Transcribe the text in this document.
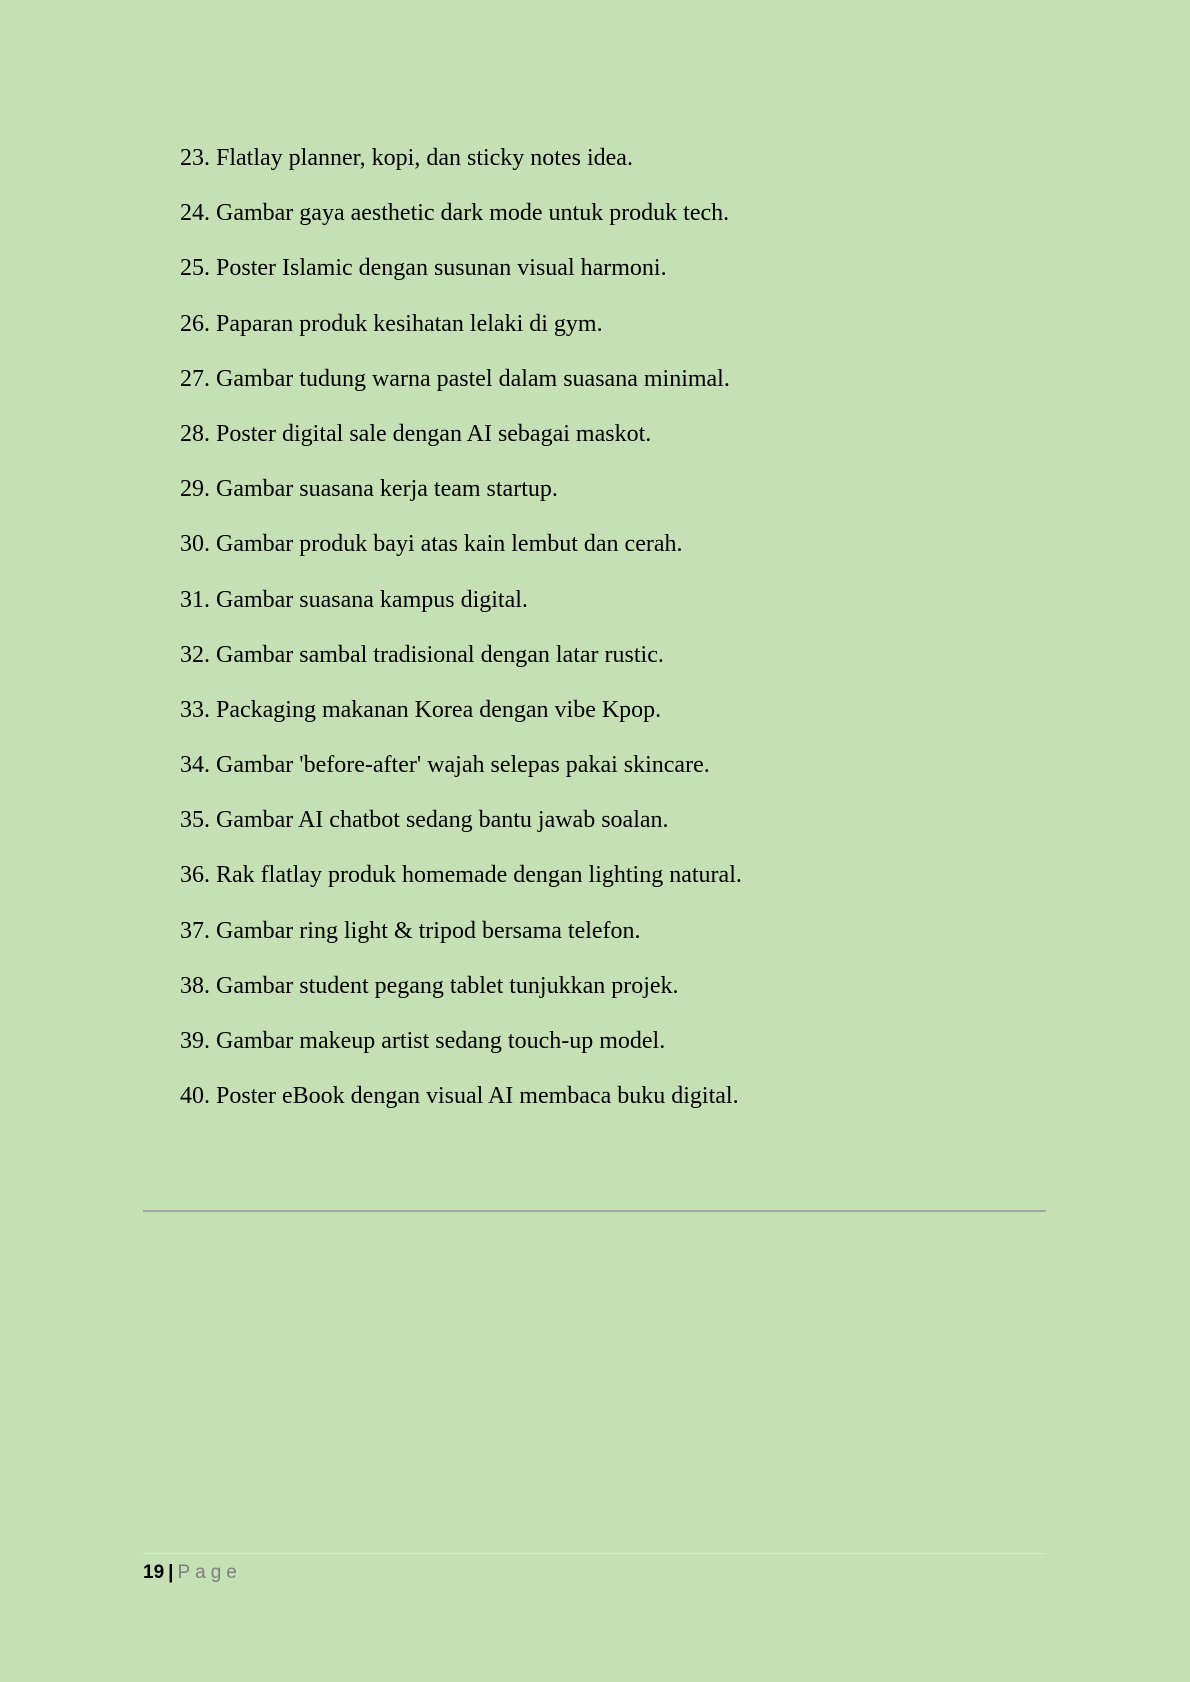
23. Flatlay planner, kopi, dan sticky notes idea.
24. Gambar gaya aesthetic dark mode untuk produk tech.
25. Poster Islamic dengan susunan visual harmoni.
26. Paparan produk kesihatan lelaki di gym.
27. Gambar tudung warna pastel dalam suasana minimal.
28. Poster digital sale dengan AI sebagai maskot.
29. Gambar suasana kerja team startup.
30. Gambar produk bayi atas kain lembut dan cerah.
31. Gambar suasana kampus digital.
32. Gambar sambal tradisional dengan latar rustic.
33. Packaging makanan Korea dengan vibe Kpop.
34. Gambar 'before-after' wajah selepas pakai skincare.
35. Gambar AI chatbot sedang bantu jawab soalan.
36. Rak flatlay produk homemade dengan lighting natural.
37. Gambar ring light & tripod bersama telefon.
38. Gambar student pegang tablet tunjukkan projek.
39. Gambar makeup artist sedang touch-up model.
40. Poster eBook dengan visual AI membaca buku digital.
19 | Page
